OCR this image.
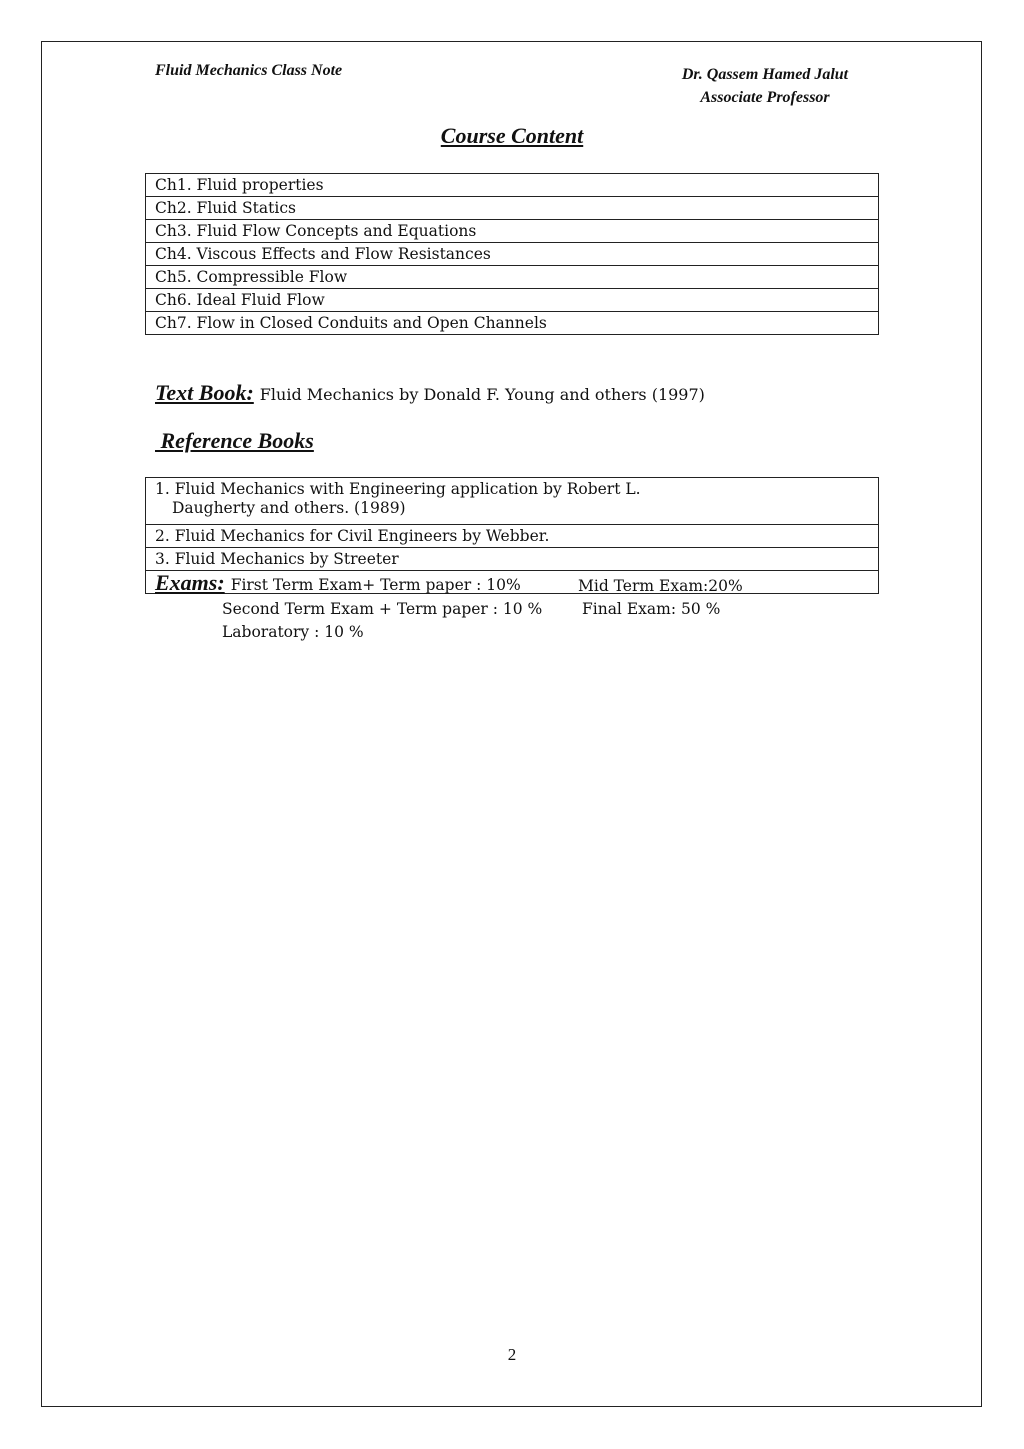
Fluid Mechanics Class Note	Dr. Qassem Hamed Jalut
Associate Professor
Course Content
Ch1. Fluid properties
Ch2. Fluid Statics
Ch3. Fluid Flow Concepts and Equations
Ch4. Viscous Effects and Flow Resistances
Ch5. Compressible Flow
Ch6. Ideal Fluid Flow
Ch7. Flow in Closed Conduits and Open Channels
Text Book: Fluid Mechanics by Donald F. Young and others (1997)
Reference Books
1. Fluid Mechanics with Engineering application by Robert L.
Daugherty and others. (1989)

2. Fluid Mechanics for Civil Engineers by Webber.
3. Fluid Mechanics by Streeter

Exams: First Term Exam+ Term paper : 10%	Mid Term Exam:20%
Second Term Exam + Term paper : 10 %	Final Exam: 50 %
Laboratory : 10 %
2
